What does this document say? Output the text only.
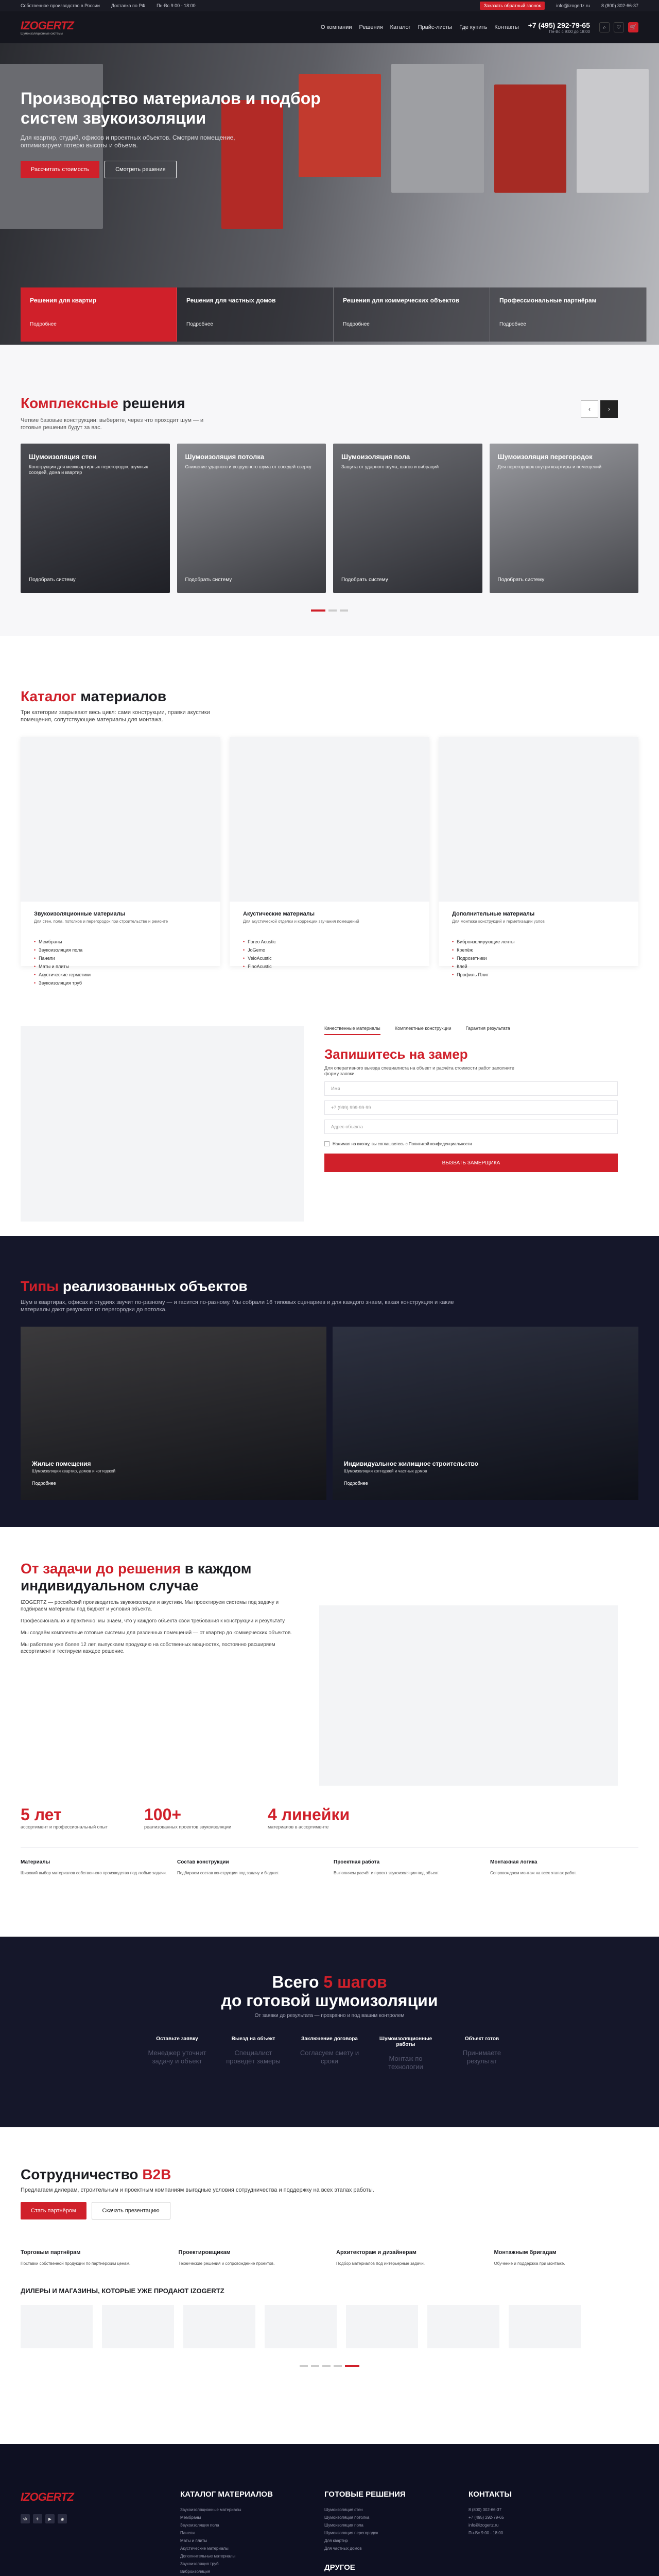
Собственное производство в России Доставка по РФ Пн-Вс 9:00 - 18:00	Заказать обратный звонок	info@izogertz.ru 8 (800) 302-66-37
IZOGERTZ
Шумоизоляционные системы
О компании Решения Каталог Прайс-листы Где купить Контакты +7 (495) 292-79-65
Пн-Вс с 9:00 до 18:00
⌕	♡	🛒
Производство материалов и подбор систем звукоизоляции

Для квартир, студий, офисов и проектных объектов. Смотрим помещение, оптимизируем потерю высоты и объема.

Рассчитать стоимость	Смотреть решения
Решения для квартир
Подробнее
Решения для частных домов
Подробнее
Решения для коммерческих объектов
Подробнее
Профессиональные партнёрам
Подробнее
Комплексные решения

Четкие базовые конструкции: выберите, через что проходит шум — и готовые решения будут за вас.

‹	›
Шумоизоляция стен
Конструкции для межквартирных перегородок, шумных соседей, дома и квартир
Подобрать систему
Шумоизоляция потолка
Снижение ударного и воздушного шума от соседей сверху
Подобрать систему
Шумоизоляция пола
Защита от ударного шума, шагов и вибраций
Подобрать систему
Шумоизоляция перегородок
Для перегородок внутри квартиры и помещений
Подобрать систему
Каталог материалов

Три категории закрывают весь цикл: сами конструкции, правки акустики помещения, сопутствующие материалы для монтажа.

Звукоизоляционные материалы
Для стен, пола, потолков и перегородок при строительстве и ремонте
• Мембраны
• Звукоизоляция пола
• Панели
• Маты и плиты
• Акустические герметики
• Звукоизоляция труб
Акустические материалы
Для акустической отделки и коррекции звучания помещений
• Foreo Acustic
• JoGemo
• VeloAcustic
• FinoAcustic
Дополнительные материалы
Для монтажа конструкций и герметизации узлов
• Виброизолирующие ленты
• Крепёж
• Подрозетники
• Клей
• Профиль Плит
Качественные материалы	Комплектные конструкции	Гарантия результата
Запишитесь на замер

Для оперативного выезда специалиста на объект и расчёта стоимости работ заполните форму заявки.

Имя
+7 (999) 999-99-99
Адрес объекта
Нажимая на кнопку, вы соглашаетесь с Политикой конфиденциальности
ВЫЗВАТЬ ЗАМЕРЩИКА
Типы реализованных объектов

Шум в квартирах, офисах и студиях звучит по-разному — и гасится по-разному. Мы собрали 16 типовых сценариев и для каждого знаем, какая конструкция и какие материалы дают результат: от перегородки до потолка.

Жилые помещения
Шумоизоляция квартир, домов и коттеджей
Подробнее
Индивидуальное жилищное строительство
Шумоизоляция коттеджей и частных домов
Подробнее
От задачи до решения в каждом индивидуальном случае

IZOGERTZ — российский производитель звукоизоляции и акустики. Мы проектируем системы под задачу и подбираем материалы под бюджет и условия объекта.

Профессионально и практично: мы знаем, что у каждого объекта свои требования к конструкции и результату.

Мы создаём комплектные готовые системы для различных помещений — от квартир до коммерческих объектов.

Мы работаем уже более 12 лет, выпускаем продукцию на собственных мощностях, постоянно расширяем ассортимент и тестируем каждое решение.

5 лет
ассортимент и профессиональный опыт
100+
реализованных проектов звукоизоляции
4 линейки
материалов в ассортименте
Материалы
Широкий выбор материалов собственного производства под любые задачи.
Состав конструкции
Подбираем состав конструкции под задачу и бюджет.
Проектная работа
Выполняем расчёт и проект звукоизоляции под объект.
Монтажная логика
Сопровождаем монтаж на всех этапах работ.
Всего 5 шагов
до готовой шумоизоляции

От заявки до результата — прозрачно и под вашим контролем

Оставьте заявку
Менеджер уточнит задачу и объект
Выезд на объект
Специалист проведёт замеры
Заключение договора
Согласуем смету и сроки
Шумоизоляционные работы
Монтаж по технологии
Объект готов
Принимаете результат
Сотрудничество B2B

Предлагаем дилерам, строительным и проектным компаниям выгодные условия сотрудничества и поддержку на всех этапах работы.

Стать партнёром	Скачать презентацию
Торговым партнёрам
Поставки собственной продукции по партнёрским ценам.
Проектировщикам
Технические решения и сопровождение проектов.
Архитекторам и дизайнерам
Подбор материалов под интерьерные задачи.
Монтажным бригадам
Обучение и поддержка при монтаже.
ДИЛЕРЫ И МАГАЗИНЫ, КОТОРЫЕ УЖЕ ПРОДАЮТ IZOGERTZ
IZOGERTZ
vk	✈	▶	◉
КАТАЛОГ МАТЕРИАЛОВ
Звукоизоляционные материалы
Мембраны
Звукоизоляция пола
Панели
Маты и плиты
Акустические материалы
Дополнительные материалы
Звукоизоляция труб
Виброизоляция
ГОТОВЫЕ РЕШЕНИЯ
Шумоизоляция стен
Шумоизоляция потолка
Шумоизоляция пола
Шумоизоляция перегородок
Для квартир
Для частных домов
ДРУГОЕ
КОНТАКТЫ
8 (800) 302-66-37
+7 (495) 292-79-65
info@izogertz.ru
Пн-Вс 9:00 - 18:00
